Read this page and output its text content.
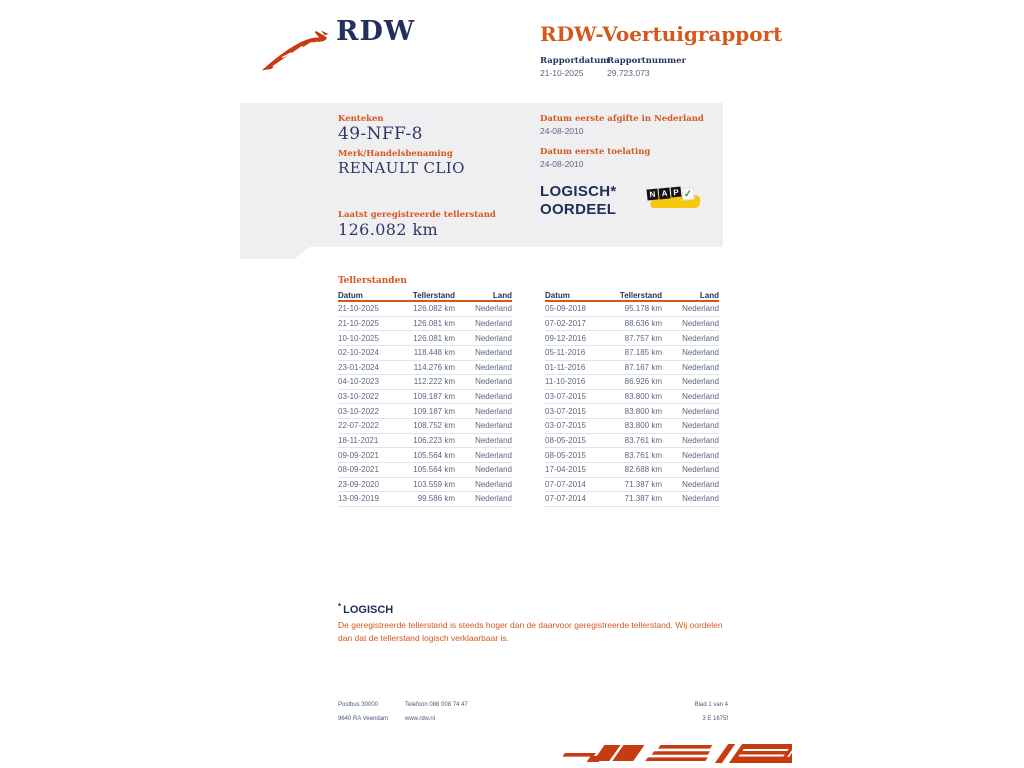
RDW	RDW-Voertuigrapport
Rapportdatum
21-10-2025
Rapportnummer
29.723.073
Kenteken
49-NFF-8
Merk/Handelsbenaming
RENAULT CLIO
Laatst geregistreerde tellerstand
126.082 km
Datum eerste afgifte in Nederland
24-08-2010
Datum eerste toelating
24-08-2010
LOGISCH*
OORDEEL
N A P ✓
Tellerstanden
Datum	Tellerstand	Land
21-10-2025	126.082 km	Nederland
21-10-2025	126.081 km	Nederland
10-10-2025	126.081 km	Nederland
02-10-2024	118.448 km	Nederland
23-01-2024	114.276 km	Nederland
04-10-2023	112.222 km	Nederland
03-10-2022	109.187 km	Nederland
03-10-2022	109.187 km	Nederland
22-07-2022	108.752 km	Nederland
18-11-2021	106.223 km	Nederland
09-09-2021	105.564 km	Nederland
08-09-2021	105.564 km	Nederland
23-09-2020	103.559 km	Nederland
13-09-2019	99.586 km	Nederland
Datum	Tellerstand	Land
05-09-2018	95.178 km	Nederland
07-02-2017	88.636 km	Nederland
09-12-2016	87.757 km	Nederland
05-11-2016	87.185 km	Nederland
01-11-2016	87.167 km	Nederland
11-10-2016	86.926 km	Nederland
03-07-2015	83.800 km	Nederland
03-07-2015	83.800 km	Nederland
03-07-2015	83.800 km	Nederland
08-05-2015	83.761 km	Nederland
08-05-2015	83.761 km	Nederland
17-04-2015	82.688 km	Nederland
07-07-2014	71.387 km	Nederland
07-07-2014	71.387 km	Nederland
* LOGISCH
De geregistreerde tellerstand is steeds hoger dan de daarvoor geregistreerde tellerstand. Wij oordelen dan dat de tellerstand logisch verklaarbaar is.
Postbus 30000
9640 RA Veendam
Telefoon 088 008 74 47
www.rdw.nl
Blad 1 van 4
3 E 1675f
